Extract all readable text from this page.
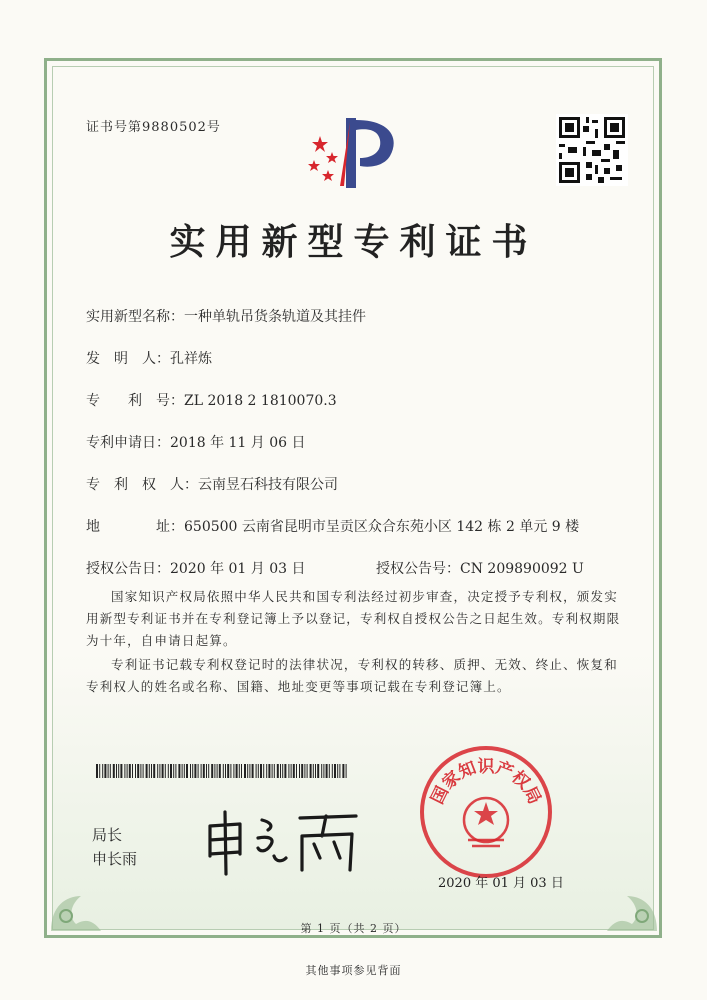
证书号第9880502号
实用新型专利证书
实用新型名称：一种单轨吊货条轨道及其挂件
发　明　人：孔祥炼
专　　利　号：ZL 2018 2 1810070.3
专利申请日：2018 年 11 月 06 日
专　利　权　人：云南昱石科技有限公司
地　　　　址：650500 云南省昆明市呈贡区众合东苑小区 142 栋 2 单元 9 楼
授权公告日：2020 年 01 月 03 日	授权公告号：CN 209890092 U
国家知识产权局依照中华人民共和国专利法经过初步审查，决定授予专利权，颁发实用新型专利证书并在专利登记簿上予以登记，专利权自授权公告之日起生效。专利权期限为十年，自申请日起算。
专利证书记载专利权登记时的法律状况，专利权的转移、质押、无效、终止、恢复和专利权人的姓名或名称、国籍、地址变更等事项记载在专利登记簿上。
局长
申长雨
国家知识产权局
2020 年 01 月 03 日
第 1 页（共 2 页）
其他事项参见背面
